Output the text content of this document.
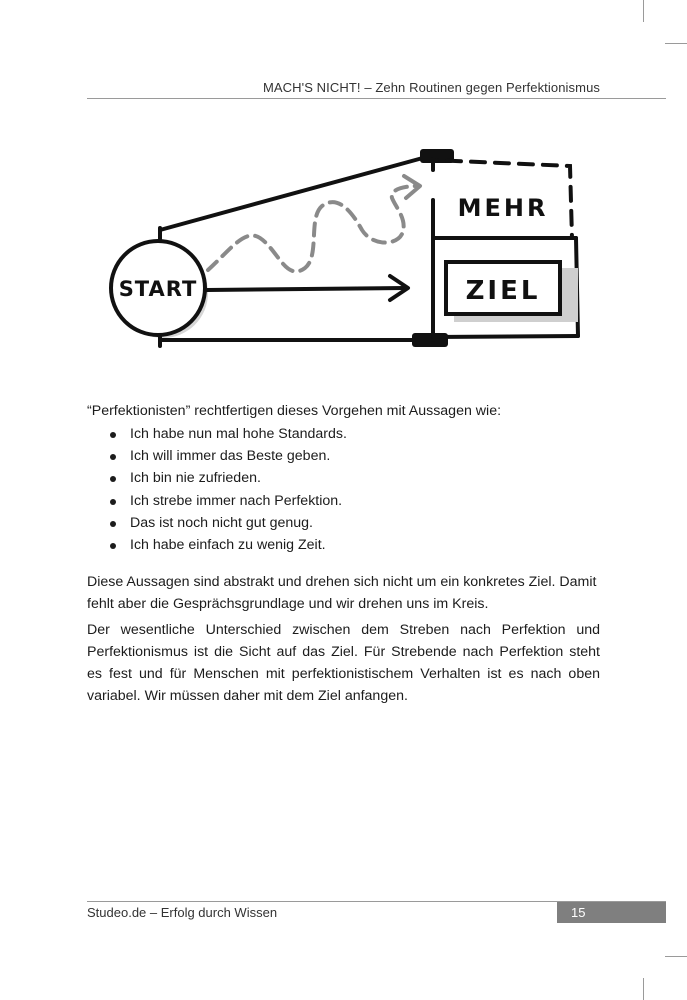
MACH'S NICHT! – Zehn Routinen gegen Perfektionismus
START
MEHR
ZIEL
“Perfektionisten” rechtfertigen dieses Vorgehen mit Aussagen wie:
Ich habe nun mal hohe Standards.
Ich will immer das Beste geben.
Ich bin nie zufrieden.
Ich strebe immer nach Perfektion.
Das ist noch nicht gut genug.
Ich habe einfach zu wenig Zeit.
Diese Aussagen sind abstrakt und drehen sich nicht um ein konkretes Ziel. Damit fehlt aber die Gesprächsgrundlage und wir drehen uns im Kreis.
Der wesentliche Unterschied zwischen dem Streben nach Perfektion und
Perfektionismus ist die Sicht auf das Ziel. Für Strebende nach Perfektion steht
es fest und für Menschen mit perfektionistischem Verhalten ist es nach oben
variabel. Wir müssen daher mit dem Ziel anfangen.
Studeo.de – Erfolg durch Wissen	15
